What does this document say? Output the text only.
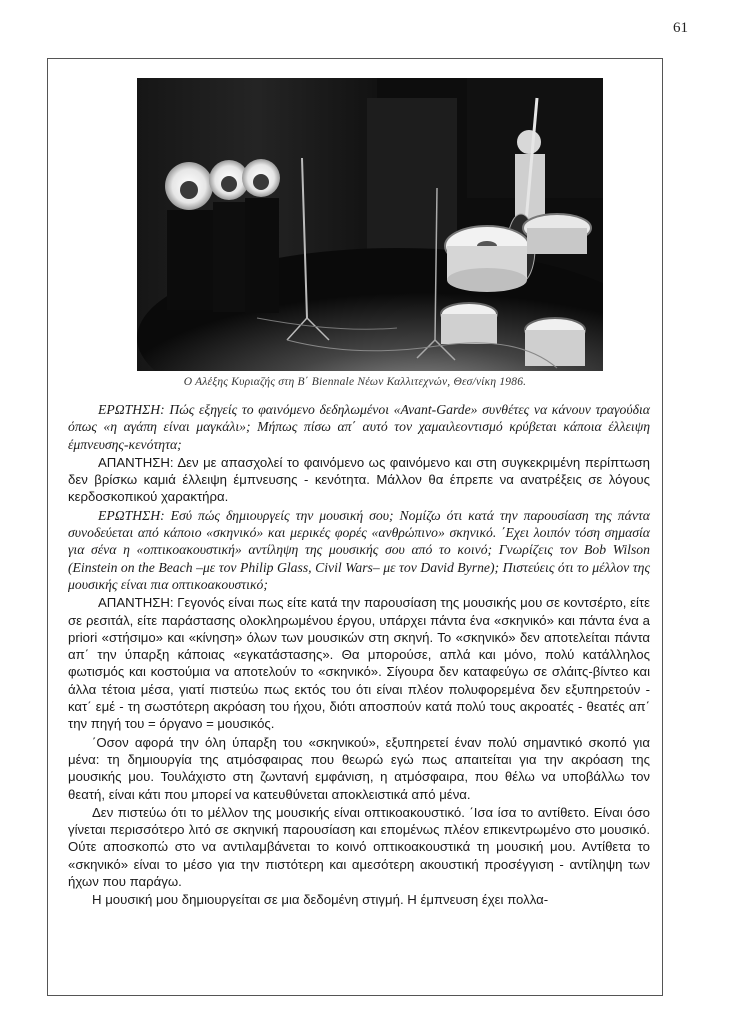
61
Ο Αλέξης Κυριαζής στη Β΄ Biennale Νέων Καλλιτεχνών, Θεσ/νίκη 1986.

ΕΡΩΤΗΣΗ: Πώς εξηγείς το φαινόμενο δεδηλωμένοι «Avant-Garde» συνθέτες να κάνουν τραγούδια όπως «η αγάπη είναι μαγκάλι»; Μήπως πίσω απ΄ αυτό τον χαμαιλεοντισμό κρύβεται κάποια έλλειψη έμπνευσης-κενότητα;

ΑΠΑΝΤΗΣΗ: Δεν με απασχολεί το φαινόμενο ως φαινόμενο και στη συγκεκριμένη περίπτωση δεν βρίσκω καμιά έλλειψη έμπνευσης - κενότητα. Μάλλον θα έπρεπε να ανατρέξεις σε λόγους κερδοσκοπικού χαρακτήρα.

ΕΡΩΤΗΣΗ: Εσύ πώς δημιουργείς την μουσική σου; Νομίζω ότι κατά την παρουσίαση της πάντα συνοδεύεται από κάποιο «σκηνικό» και μερικές φορές «ανθρώπινο» σκηνικό. ΄Εχει λοιπόν τόση σημασία για σένα η «οπτικοακουστική» αντίληψη της μουσικής σου από το κοινό; Γνωρίζεις τον Bob Wilson (Einstein on the Beach –με τον Philip Glass, Civil Wars– με τον David Byrne); Πιστεύεις ότι το μέλλον της μουσικής είναι πια οπτικοακουστικό;

ΑΠΑΝΤΗΣΗ: Γεγονός είναι πως είτε κατά την παρουσίαση της μουσικής μου σε κοντσέρτο, είτε σε ρεσιτάλ, είτε παράστασης ολοκληρωμένου έργου, υπάρχει πάντα ένα «σκηνικό» και πάντα ένα a priori «στήσιμο» και «κίνηση» όλων των μουσικών στη σκηνή. Το «σκηνικό» δεν αποτελείται πάντα απ΄ την ύπαρξη κάποιας «εγκατάστασης». Θα μπορούσε, απλά και μόνο, πολύ κατάλληλος φωτισμός και κοστούμια να αποτελούν το «σκηνικό». Σίγουρα δεν καταφεύγω σε σλάιτς-βίντεο και άλλα τέτοια μέσα, γιατί πιστεύω πως εκτός του ότι είναι πλέον πολυφορεμένα δεν εξυπηρετούν - κατ΄ εμέ - τη σωστότερη ακρόαση του ήχου, διότι αποσπούν κατά πολύ τους ακροατές - θεατές απ΄ την πηγή του = όργανο = μουσικός.

΄Οσον αφορά την όλη ύπαρξη του «σκηνικού», εξυπηρετεί έναν πολύ σημαντικό σκοπό για μένα: τη δημιουργία της ατμόσφαιρας που θεωρώ εγώ πως απαιτείται για την ακρόαση της μουσικής μου. Τουλάχιστο στη ζωντανή εμφάνιση, η ατμόσφαιρα, που θέλω να υποβάλλω τον θεατή, είναι κάτι που μπορεί να κατευθύνεται αποκλειστικά από μένα.

Δεν πιστεύω ότι το μέλλον της μουσικής είναι οπτικοακουστικό. ΄Ισα ίσα το αντίθετο. Είναι όσο γίνεται περισσότερο λιτό σε σκηνική παρουσίαση και επομένως πλέον επικεντρωμένο στο μουσικό. Ούτε αποσκοπώ στο να αντιλαμβάνεται το κοινό οπτικοακουστικά τη μουσική μου. Αντίθετα το «σκηνικό» είναι το μέσο για την πιστότερη και αμεσότερη ακουστική προσέγγιση - αντίληψη των ήχων που παράγω.

Η μουσική μου δημιουργείται σε μια δεδομένη στιγμή. Η έμπνευση έχει πολλα-
